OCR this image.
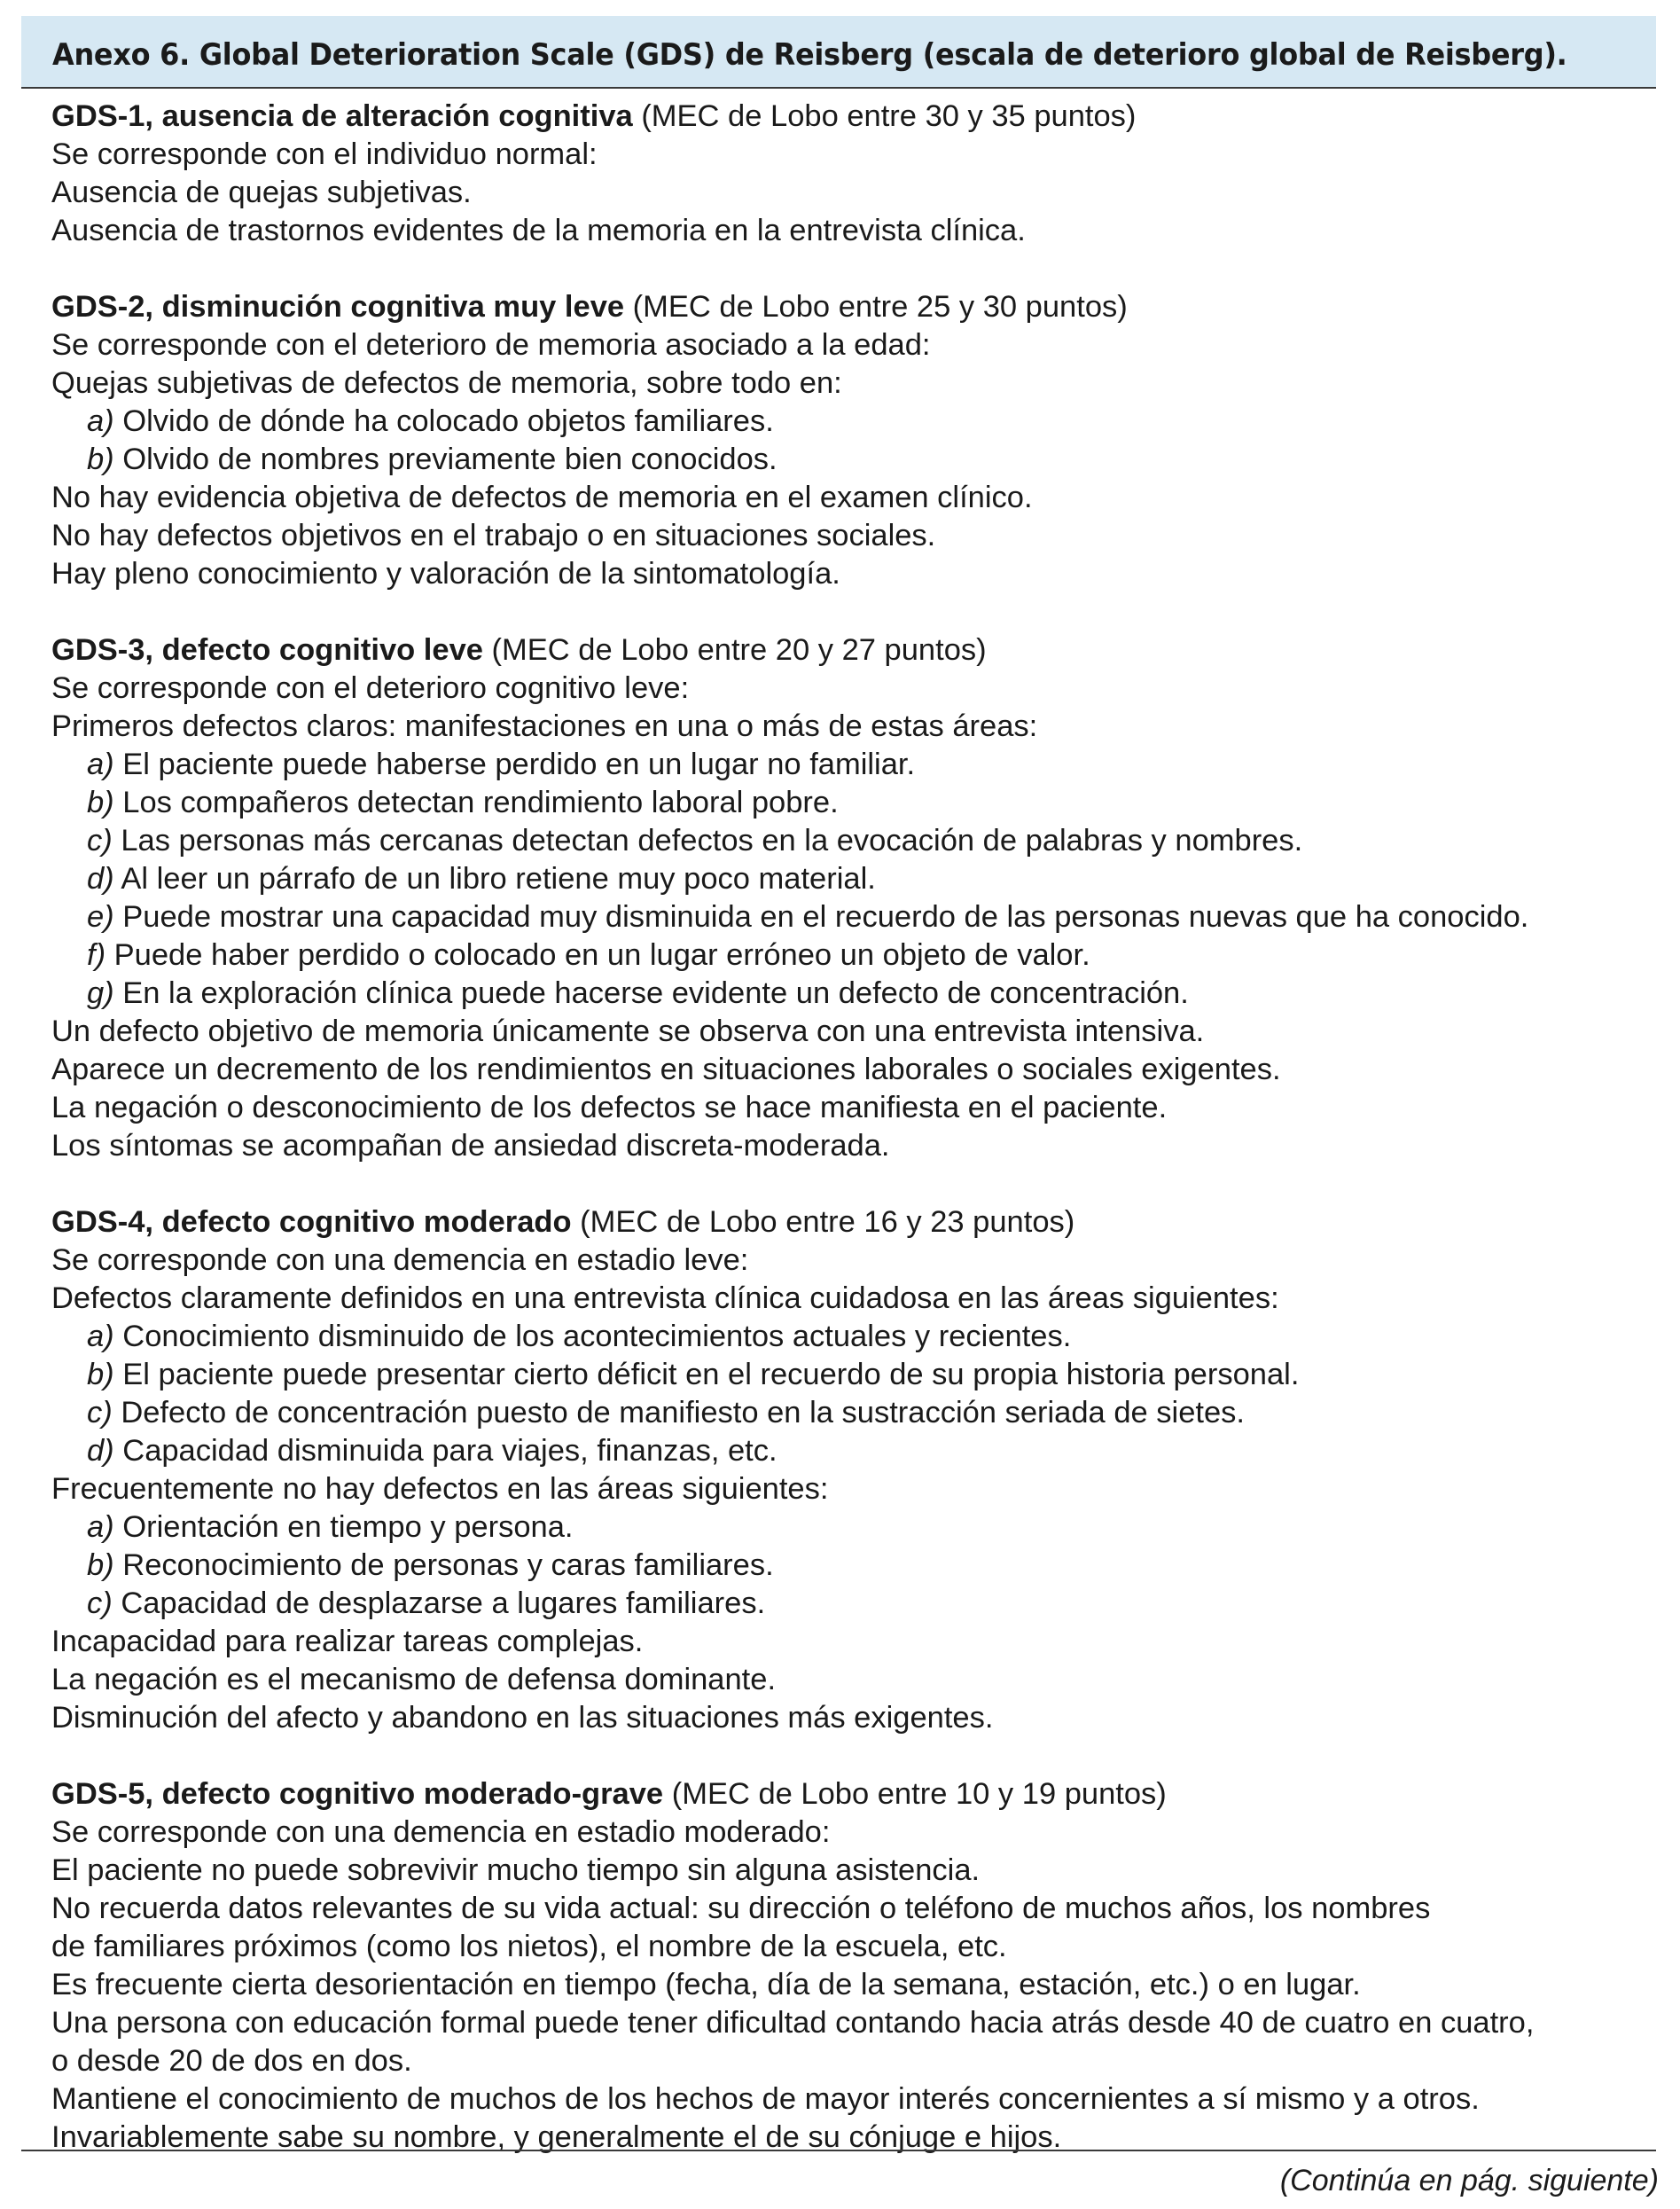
Anexo 6. Global Deterioration Scale (GDS) de Reisberg (escala de deterioro global de Reisberg).
GDS-1, ausencia de alteración cognitiva (MEC de Lobo entre 30 y 35 puntos)
Se corresponde con el individuo normal:
Ausencia de quejas subjetivas.
Ausencia de trastornos evidentes de la memoria en la entrevista clínica.
GDS-2, disminución cognitiva muy leve (MEC de Lobo entre 25 y 30 puntos)
Se corresponde con el deterioro de memoria asociado a la edad:
Quejas subjetivas de defectos de memoria, sobre todo en:
a) Olvido de dónde ha colocado objetos familiares.
b) Olvido de nombres previamente bien conocidos.
No hay evidencia objetiva de defectos de memoria en el examen clínico.
No hay defectos objetivos en el trabajo o en situaciones sociales.
Hay pleno conocimiento y valoración de la sintomatología.
GDS-3, defecto cognitivo leve (MEC de Lobo entre 20 y 27 puntos)
Se corresponde con el deterioro cognitivo leve:
Primeros defectos claros: manifestaciones en una o más de estas áreas:
a) El paciente puede haberse perdido en un lugar no familiar.
b) Los compañeros detectan rendimiento laboral pobre.
c) Las personas más cercanas detectan defectos en la evocación de palabras y nombres.
d) Al leer un párrafo de un libro retiene muy poco material.
e) Puede mostrar una capacidad muy disminuida en el recuerdo de las personas nuevas que ha conocido.
f) Puede haber perdido o colocado en un lugar erróneo un objeto de valor.
g) En la exploración clínica puede hacerse evidente un defecto de concentración.
Un defecto objetivo de memoria únicamente se observa con una entrevista intensiva.
Aparece un decremento de los rendimientos en situaciones laborales o sociales exigentes.
La negación o desconocimiento de los defectos se hace manifiesta en el paciente.
Los síntomas se acompañan de ansiedad discreta-moderada.
GDS-4, defecto cognitivo moderado (MEC de Lobo entre 16 y 23 puntos)
Se corresponde con una demencia en estadio leve:
Defectos claramente definidos en una entrevista clínica cuidadosa en las áreas siguientes:
a) Conocimiento disminuido de los acontecimientos actuales y recientes.
b) El paciente puede presentar cierto déficit en el recuerdo de su propia historia personal.
c) Defecto de concentración puesto de manifiesto en la sustracción seriada de sietes.
d) Capacidad disminuida para viajes, finanzas, etc.
Frecuentemente no hay defectos en las áreas siguientes:
a) Orientación en tiempo y persona.
b) Reconocimiento de personas y caras familiares.
c) Capacidad de desplazarse a lugares familiares.
Incapacidad para realizar tareas complejas.
La negación es el mecanismo de defensa dominante.
Disminución del afecto y abandono en las situaciones más exigentes.
GDS-5, defecto cognitivo moderado-grave (MEC de Lobo entre 10 y 19 puntos)
Se corresponde con una demencia en estadio moderado:
El paciente no puede sobrevivir mucho tiempo sin alguna asistencia.
No recuerda datos relevantes de su vida actual: su dirección o teléfono de muchos años, los nombres
de familiares próximos (como los nietos), el nombre de la escuela, etc.
Es frecuente cierta desorientación en tiempo (fecha, día de la semana, estación, etc.) o en lugar.
Una persona con educación formal puede tener dificultad contando hacia atrás desde 40 de cuatro en cuatro,
o desde 20 de dos en dos.
Mantiene el conocimiento de muchos de los hechos de mayor interés concernientes a sí mismo y a otros.
Invariablemente sabe su nombre, y generalmente el de su cónjuge e hijos.
(Continúa en pág. siguiente)
